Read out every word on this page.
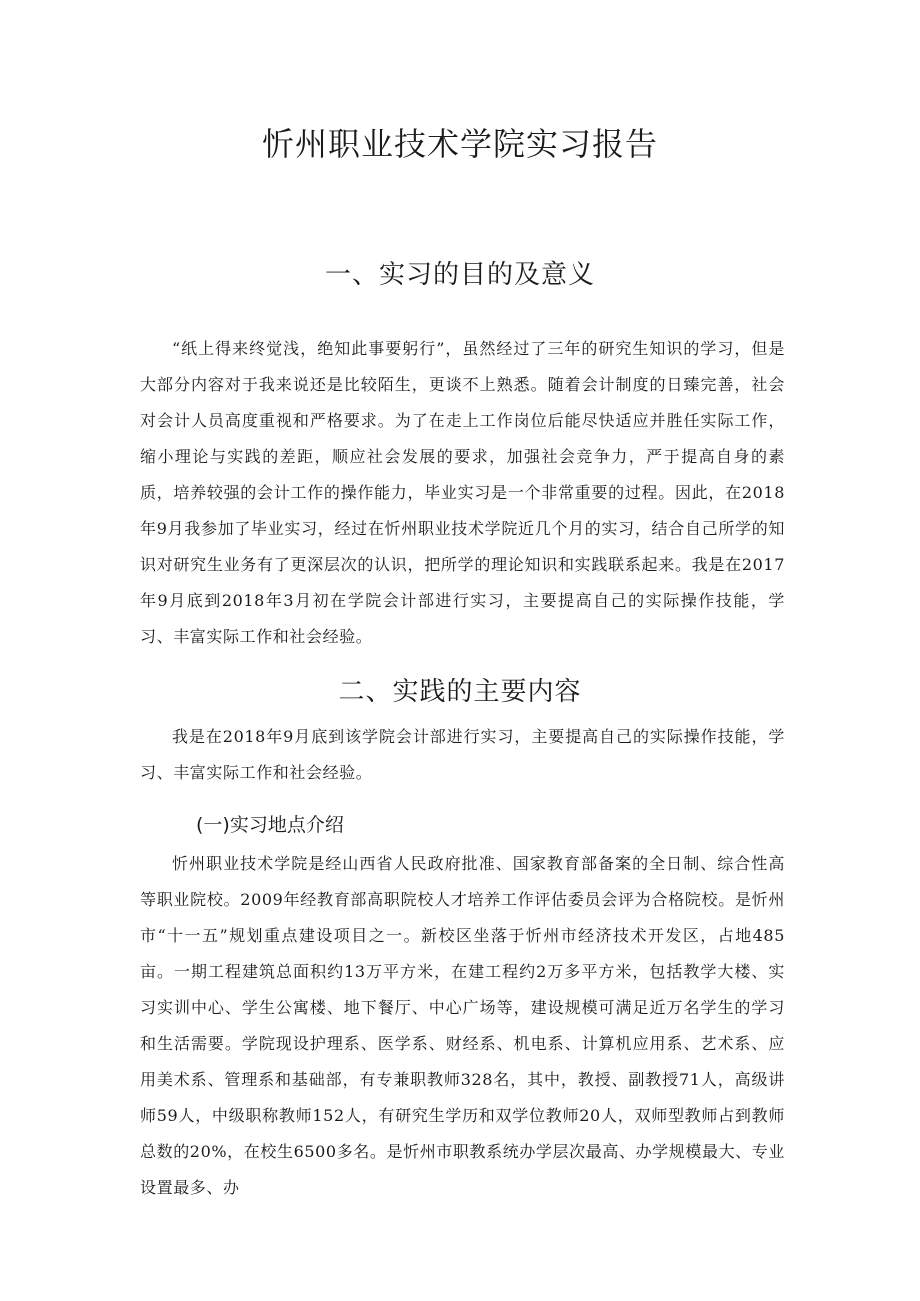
忻州职业技术学院实习报告
一、实习的目的及意义

“纸上得来终觉浅，绝知此事要躬行”，虽然经过了三年的研究生知识的学习，但是大部分内容对于我来说还是比较陌生，更谈不上熟悉。随着会计制度的日臻完善，社会对会计人员高度重视和严格要求。为了在走上工作岗位后能尽快适应并胜任实际工作，缩小理论与实践的差距，顺应社会发展的要求，加强社会竞争力，严于提高自身的素质，培养较强的会计工作的操作能力，毕业实习是一个非常重要的过程。因此，在2018年9月我参加了毕业实习，经过在忻州职业技术学院近几个月的实习，结合自己所学的知识对研究生业务有了更深层次的认识，把所学的理论知识和实践联系起来。我是在2017年9月底到2018年3月初在学院会计部进行实习，主要提高自己的实际操作技能，学习、丰富实际工作和社会经验。

二、实践的主要内容

我是在2018年9月底到该学院会计部进行实习，主要提高自己的实际操作技能，学习、丰富实际工作和社会经验。

(一)实习地点介绍

忻州职业技术学院是经山西省人民政府批准、国家教育部备案的全日制、综合性高等职业院校。2009年经教育部高职院校人才培养工作评估委员会评为合格院校。是忻州市“十一五”规划重点建设项目之一。新校区坐落于忻州市经济技术开发区，占地485亩。一期工程建筑总面积约13万平方米，在建工程约2万多平方米，包括教学大楼、实习实训中心、学生公寓楼、地下餐厅、中心广场等，建设规模可满足近万名学生的学习和生活需要。学院现设护理系、医学系、财经系、机电系、计算机应用系、艺术系、应用美术系、管理系和基础部，有专兼职教师328名，其中，教授、副教授71人，高级讲师59人，中级职称教师152人，有研究生学历和双学位教师20人，双师型教师占到教师总数的20%，在校生6500多名。是忻州市职教系统办学层次最高、办学规模最大、专业设置最多、办
